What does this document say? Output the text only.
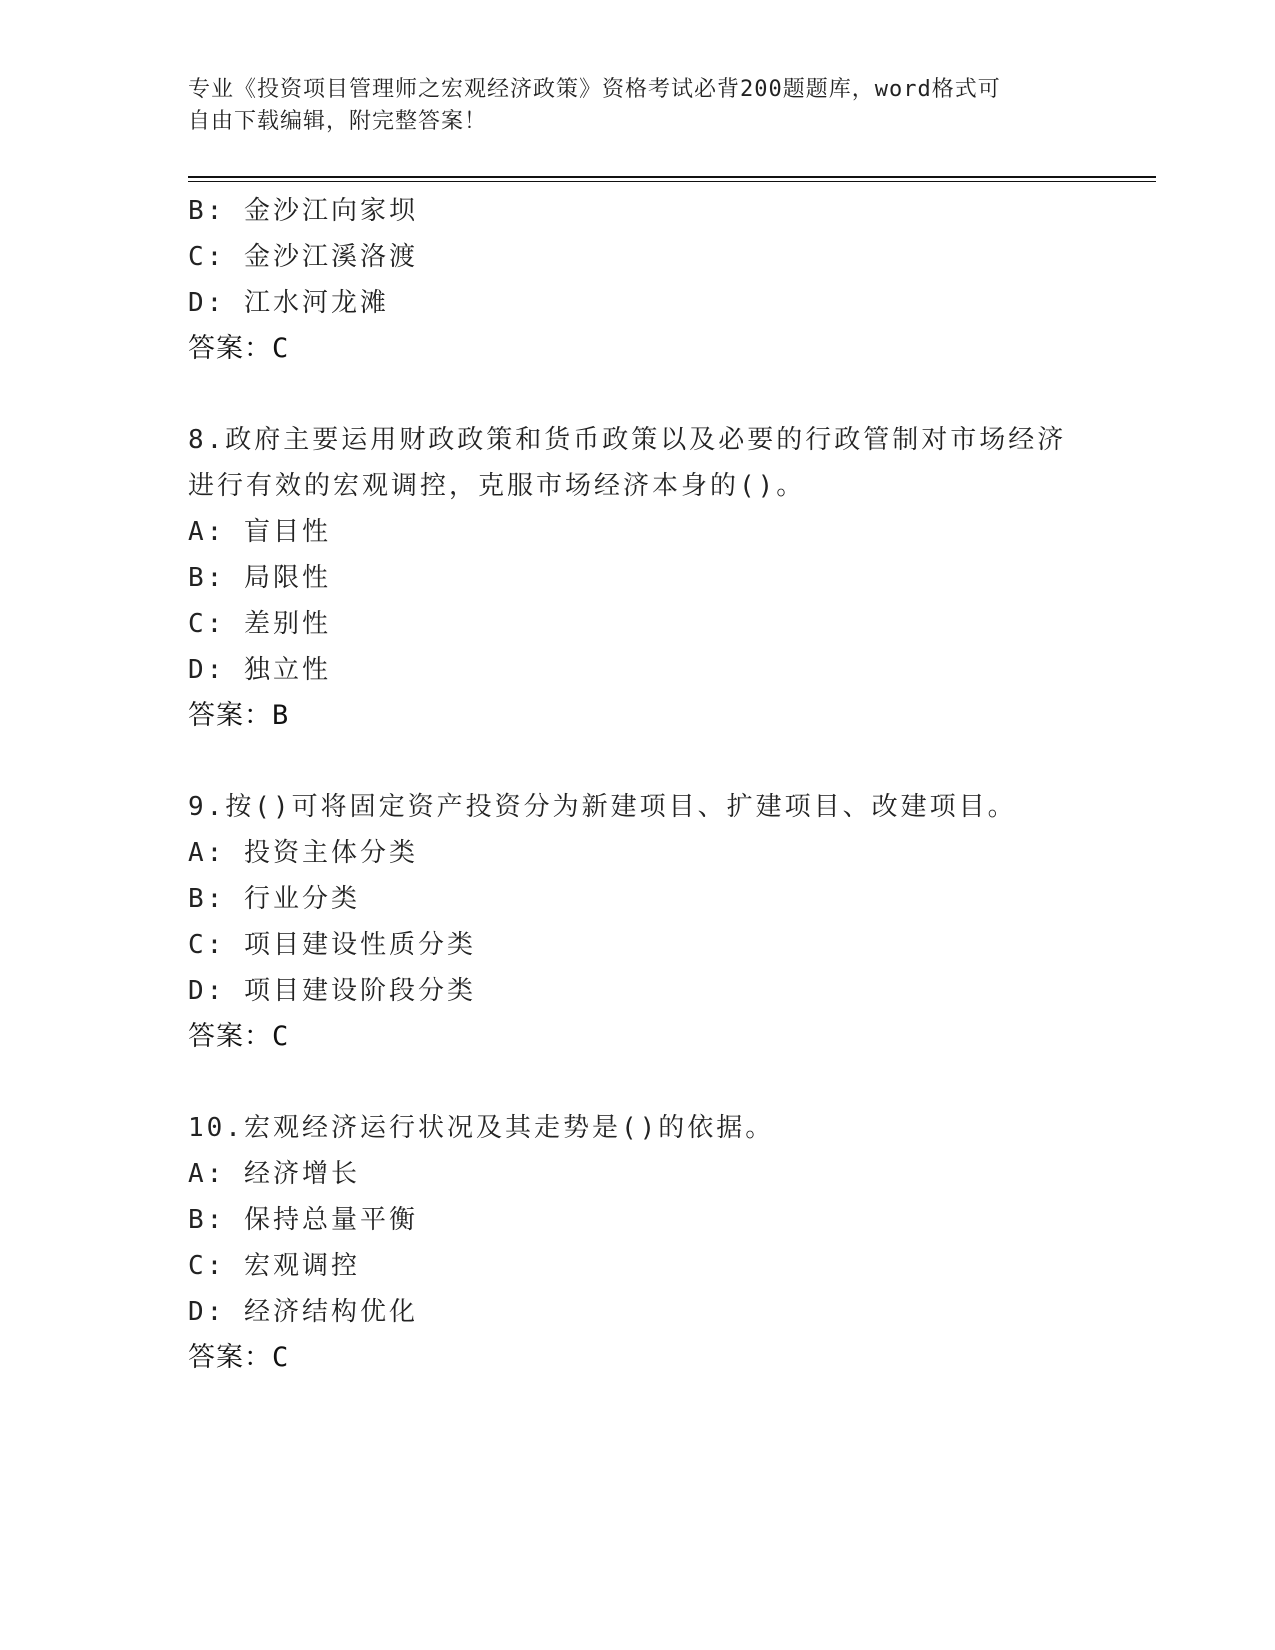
专业《投资项目管理师之宏观经济政策》资格考试必背200题题库，word格式可
自由下载编辑，附完整答案！
B: 金沙江向家坝
C: 金沙江溪洛渡
D: 江水河龙滩
答案：C
8.政府主要运用财政政策和货币政策以及必要的行政管制对市场经济
进行有效的宏观调控，克服市场经济本身的()。
A: 盲目性
B: 局限性
C: 差别性
D: 独立性
答案：B
9.按()可将固定资产投资分为新建项目、扩建项目、改建项目。
A: 投资主体分类
B: 行业分类
C: 项目建设性质分类
D: 项目建设阶段分类
答案：C
10.宏观经济运行状况及其走势是()的依据。
A: 经济增长
B: 保持总量平衡
C: 宏观调控
D: 经济结构优化
答案：C
